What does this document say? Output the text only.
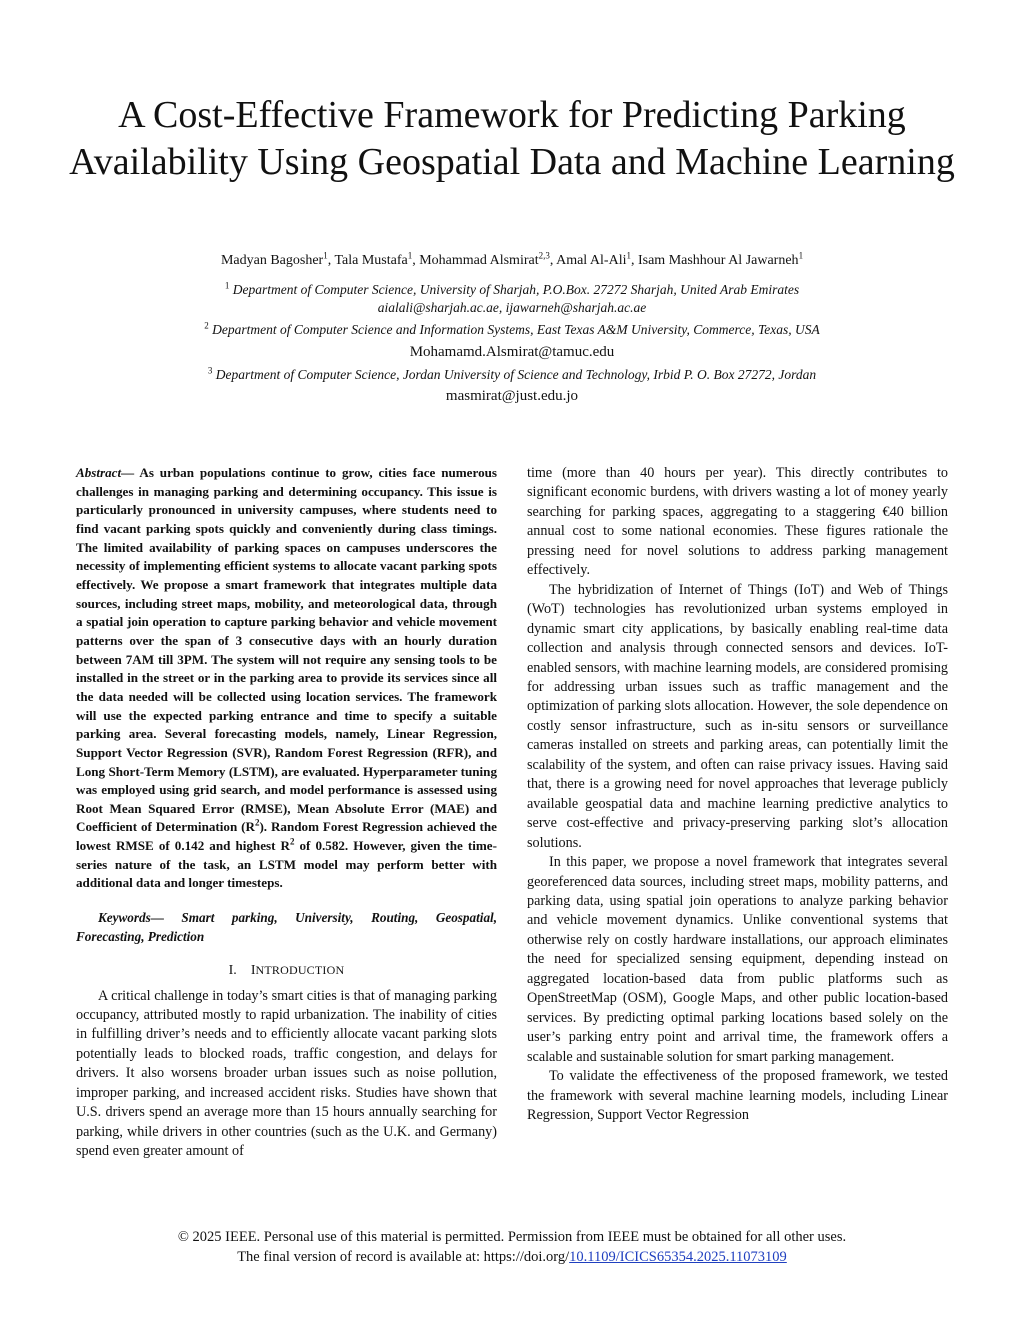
A Cost-Effective Framework for Predicting Parking Availability Using Geospatial Data and Machine Learning
Madyan Bagosher$^1$, Tala Mustafa$^1$, Mohammad Alsmirat$^{2,3}$, Amal Al-Ali$^1$, Isam Mashhour Al Jawarneh$^1$
$^1$ Department of Computer Science, University of Sharjah, P.O.Box. 27272 Sharjah, United Arab Emirates
aialali@sharjah.ac.ae, ijawarneh@sharjah.ac.ae
$^2$ Department of Computer Science and Information Systems, East Texas A&M University, Commerce, Texas, USA
Mohamamd.Alsmirat@tamuc.edu
$^3$ Department of Computer Science, Jordan University of Science and Technology, Irbid P. O. Box 27272, Jordan
masmirat@just.edu.jo

Abstract— As urban populations continue to grow, cities face numerous challenges in managing parking and determining occupancy. This issue is particularly pronounced in university campuses, where students need to find vacant parking spots quickly and conveniently during class timings. The limited availability of parking spaces on campuses underscores the necessity of implementing efficient systems to allocate vacant parking spots effectively. We propose a smart framework that integrates multiple data sources, including street maps, mobility, and meteorological data, through a spatial join operation to capture parking behavior and vehicle movement patterns over the span of 3 consecutive days with an hourly duration between 7AM till 3PM. The system will not require any sensing tools to be installed in the street or in the parking area to provide its services since all the data needed will be collected using location services. The framework will use the expected parking entrance and time to specify a suitable parking area. Several forecasting models, namely, Linear Regression, Support Vector Regression (SVR), Random Forest Regression (RFR), and Long Short-Term Memory (LSTM), are evaluated. Hyperparameter tuning was employed using grid search, and model performance is assessed using Root Mean Squared Error (RMSE), Mean Absolute Error (MAE) and Coefficient of Determination $(R^2)$. Random Forest Regression achieved the lowest RMSE of 0.142 and highest $R^2$ of 0.582. However, given the time-series nature of the task, an LSTM model may perform better with additional data and longer timesteps.

Keywords— Smart parking, University, Routing, Geospatial, Forecasting, Prediction

I. INTRODUCTION

A critical challenge in today’s smart cities is that of managing parking occupancy, attributed mostly to rapid urbanization. The inability of cities in fulfilling driver’s needs and to efficiently allocate vacant parking slots potentially leads to blocked roads, traffic congestion, and delays for drivers. It also worsens broader urban issues such as noise pollution, improper parking, and increased accident risks. Studies have shown that U.S. drivers spend an average more than 15 hours annually searching for parking, while drivers in other countries (such as the U.K. and Germany) spend even greater amount of

time (more than 40 hours per year). This directly contributes to significant economic burdens, with drivers wasting a lot of money yearly searching for parking spaces, aggregating to a staggering €40 billion annual cost to some national economies. These figures rationale the pressing need for novel solutions to address parking management effectively.

The hybridization of Internet of Things (IoT) and Web of Things (WoT) technologies has revolutionized urban systems employed in dynamic smart city applications, by basically enabling real-time data collection and analysis through connected sensors and devices. IoT-enabled sensors, with machine learning models, are considered promising for addressing urban issues such as traffic management and the optimization of parking slots allocation. However, the sole dependence on costly sensor infrastructure, such as in-situ sensors or surveillance cameras installed on streets and parking areas, can potentially limit the scalability of the system, and often can raise privacy issues. Having said that, there is a growing need for novel approaches that leverage publicly available geospatial data and machine learning predictive analytics to serve cost-effective and privacy-preserving parking slot’s allocation solutions.

In this paper, we propose a novel framework that integrates several georeferenced data sources, including street maps, mobility patterns, and parking data, using spatial join operations to analyze parking behavior and vehicle movement dynamics. Unlike conventional systems that otherwise rely on costly hardware installations, our approach eliminates the need for specialized sensing equipment, depending instead on aggregated location-based data from public platforms such as OpenStreetMap (OSM), Google Maps, and other public location-based services. By predicting optimal parking locations based solely on the user’s parking entry point and arrival time, the framework offers a scalable and sustainable solution for smart parking management.

To validate the effectiveness of the proposed framework, we tested the framework with several machine learning models, including Linear Regression, Support Vector Regression

© 2025 IEEE. Personal use of this material is permitted. Permission from IEEE must be obtained for all other uses.
The final version of record is available at: https://doi.org/10.1109/ICICS65354.2025.11073109
